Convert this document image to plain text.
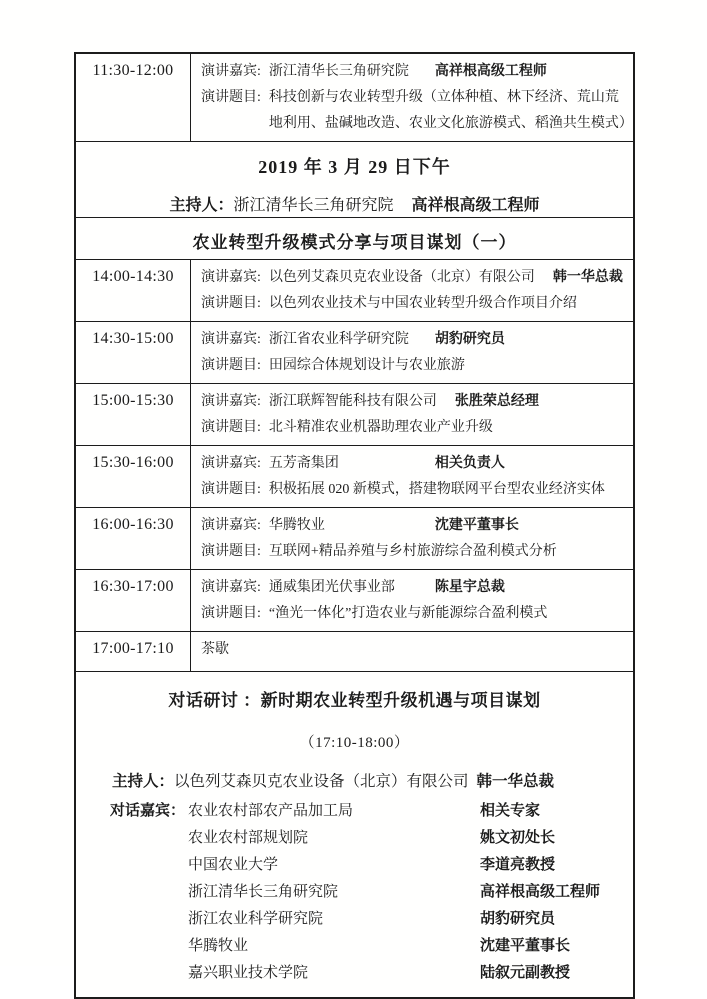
11:30-12:00	演讲嘉宾: 浙江清华长三角研究院	高祥根高级工程师
演讲题目: 科技创新与农业转型升级（立体种植、林下经济、荒山荒地利用、盐碱地改造、农业文化旅游模式、稻渔共生模式）
2019 年 3 月 29 日下午
主持人：浙江清华长三角研究院 高祥根高级工程师
农业转型升级模式分享与项目谋划（一）
14:00-14:30	演讲嘉宾: 以色列艾森贝克农业设备（北京）有限公司 韩一华总裁
演讲题目: 以色列农业技术与中国农业转型升级合作项目介绍
14:30-15:00	演讲嘉宾: 浙江省农业科学研究院	胡豹研究员
演讲题目: 田园综合体规划设计与农业旅游
15:00-15:30	演讲嘉宾: 浙江联辉智能科技有限公司 张胜荣总经理
演讲题目: 北斗精准农业机器助理农业产业升级
15:30-16:00	演讲嘉宾: 五芳斋集团	相关负责人
演讲题目: 积极拓展 020 新模式，搭建物联网平台型农业经济实体
16:00-16:30	演讲嘉宾: 华腾牧业	沈建平董事长
演讲题目: 互联网+精品养殖与乡村旅游综合盈利模式分析
16:30-17:00	演讲嘉宾: 通威集团光伏事业部	陈星宇总裁
演讲题目: “渔光一体化”打造农业与新能源综合盈利模式
17:00-17:10	茶歇
对话研讨 ：新时期农业转型升级机遇与项目谋划
（17:10-18:00）
主持人：以色列艾森贝克农业设备（北京）有限公司 韩一华总裁
对话嘉宾： 农业农村部农产品加工局	相关专家
农业农村部规划院	姚文初处长
中国农业大学	李道亮教授
浙江清华长三角研究院	高祥根高级工程师
浙江农业科学研究院	胡豹研究员
华腾牧业	沈建平董事长
嘉兴职业技术学院	陆叙元副教授
